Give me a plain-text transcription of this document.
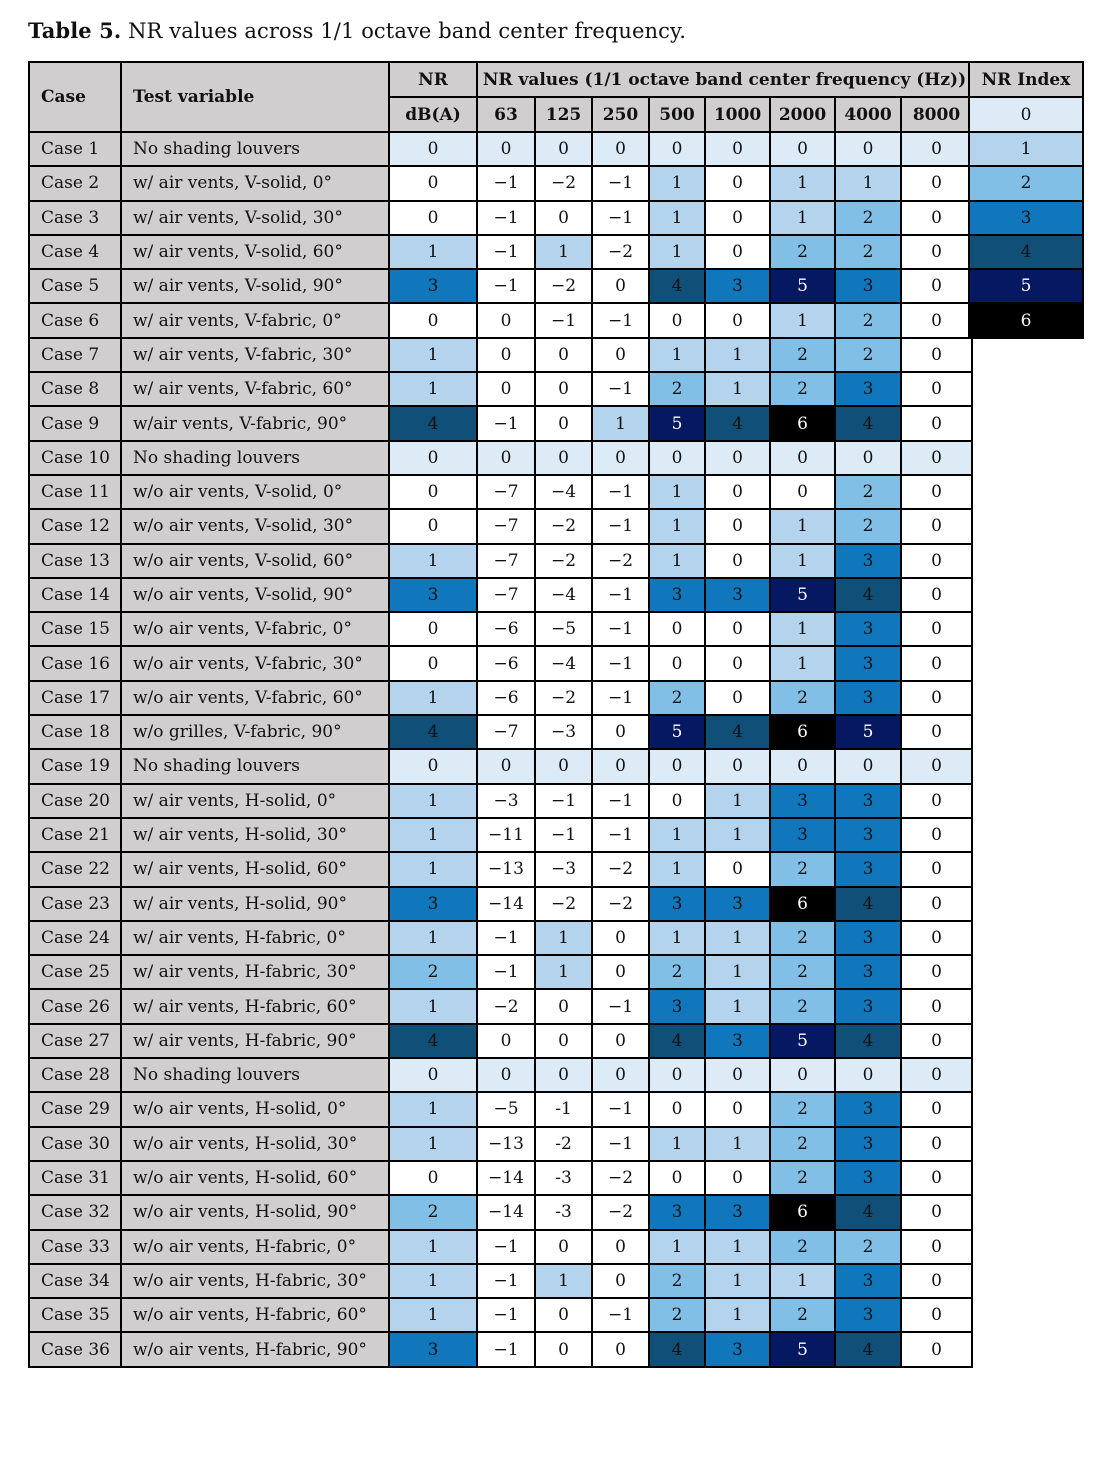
Table 5. NR values across 1/1 octave band center frequency.
Case	Test variable	NR	NR values (1/1 octave band center frequency (Hz))							
		dB(A)	63	125	250	500	1000	2000	4000	8000
Case 1	No shading louvers	0	0	0	0	0	0	0	0	0
Case 2	w/ air vents, V-solid, 0°	0	−1	−2	−1	1	0	1	1	0
Case 3	w/ air vents, V-solid, 30°	0	−1	0	−1	1	0	1	2	0
Case 4	w/ air vents, V-solid, 60°	1	−1	1	−2	1	0	2	2	0
Case 5	w/ air vents, V-solid, 90°	3	−1	−2	0	4	3	5	3	0
Case 6	w/ air vents, V-fabric, 0°	0	0	−1	−1	0	0	1	2	0
Case 7	w/ air vents, V-fabric, 30°	1	0	0	0	1	1	2	2	0
Case 8	w/ air vents, V-fabric, 60°	1	0	0	−1	2	1	2	3	0
Case 9	w/air vents, V-fabric, 90°	4	−1	0	1	5	4	6	4	0
Case 10	No shading louvers	0	0	0	0	0	0	0	0	0
Case 11	w/o air vents, V-solid, 0°	0	−7	−4	−1	1	0	0	2	0
Case 12	w/o air vents, V-solid, 30°	0	−7	−2	−1	1	0	1	2	0
Case 13	w/o air vents, V-solid, 60°	1	−7	−2	−2	1	0	1	3	0
Case 14	w/o air vents, V-solid, 90°	3	−7	−4	−1	3	3	5	4	0
Case 15	w/o air vents, V-fabric, 0°	0	−6	−5	−1	0	0	1	3	0
Case 16	w/o air vents, V-fabric, 30°	0	−6	−4	−1	0	0	1	3	0
Case 17	w/o air vents, V-fabric, 60°	1	−6	−2	−1	2	0	2	3	0
Case 18	w/o grilles, V-fabric, 90°	4	−7	−3	0	5	4	6	5	0
Case 19	No shading louvers	0	0	0	0	0	0	0	0	0
Case 20	w/ air vents, H-solid, 0°	1	−3	−1	−1	0	1	3	3	0
Case 21	w/ air vents, H-solid, 30°	1	−11	−1	−1	1	1	3	3	0
Case 22	w/ air vents, H-solid, 60°	1	−13	−3	−2	1	0	2	3	0
Case 23	w/ air vents, H-solid, 90°	3	−14	−2	−2	3	3	6	4	0
Case 24	w/ air vents, H-fabric, 0°	1	−1	1	0	1	1	2	3	0
Case 25	w/ air vents, H-fabric, 30°	2	−1	1	0	2	1	2	3	0
Case 26	w/ air vents, H-fabric, 60°	1	−2	0	−1	3	1	2	3	0
Case 27	w/ air vents, H-fabric, 90°	4	0	0	0	4	3	5	4	0
Case 28	No shading louvers	0	0	0	0	0	0	0	0	0
Case 29	w/o air vents, H-solid, 0°	1	−5	-1	−1	0	0	2	3	0
Case 30	w/o air vents, H-solid, 30°	1	−13	-2	−1	1	1	2	3	0
Case 31	w/o air vents, H-solid, 60°	0	−14	-3	−2	0	0	2	3	0
Case 32	w/o air vents, H-solid, 90°	2	−14	-3	−2	3	3	6	4	0
Case 33	w/o air vents, H-fabric, 0°	1	−1	0	0	1	1	2	2	0
Case 34	w/o air vents, H-fabric, 30°	1	−1	1	0	2	1	1	3	0
Case 35	w/o air vents, H-fabric, 60°	1	−1	0	−1	2	1	2	3	0
Case 36	w/o air vents, H-fabric, 90°	3	−1	0	0	4	3	5	4	0
NR Index
0
1
2
3
4
5
6
